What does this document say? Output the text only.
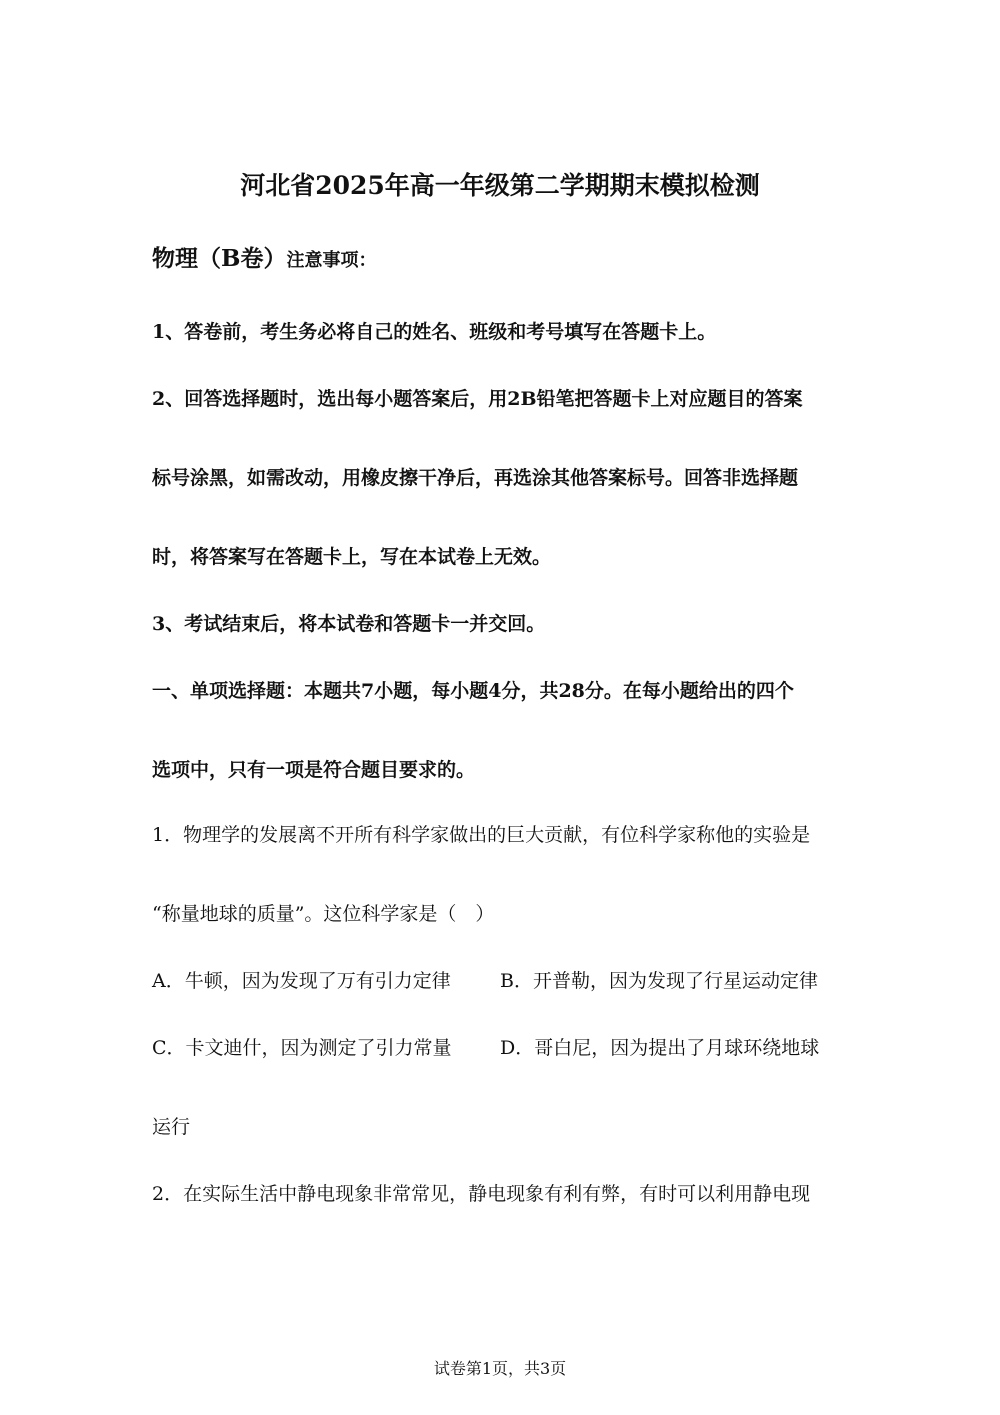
河北省2025年高一年级第二学期期末模拟检测
物理（B卷）注意事项：
1、答卷前，考生务必将自己的姓名、班级和考号填写在答题卡上。
2、回答选择题时，选出每小题答案后，用2B铅笔把答题卡上对应题目的答案
标号涂黑，如需改动，用橡皮擦干净后，再选涂其他答案标号。回答非选择题
时，将答案写在答题卡上，写在本试卷上无效。
3、考试结束后，将本试卷和答题卡一并交回。
一、单项选择题：本题共7小题，每小题4分，共28分。在每小题给出的四个
选项中，只有一项是符合题目要求的。
1．物理学的发展离不开所有科学家做出的巨大贡献，有位科学家称他的实验是
“称量地球的质量”。这位科学家是（　）
A．牛顿，因为发现了万有引力定律	B．开普勒，因为发现了行星运动定律
C．卡文迪什，因为测定了引力常量	D．哥白尼，因为提出了月球环绕地球
运行
2．在实际生活中静电现象非常常见，静电现象有利有弊，有时可以利用静电现
试卷第1页，共3页
